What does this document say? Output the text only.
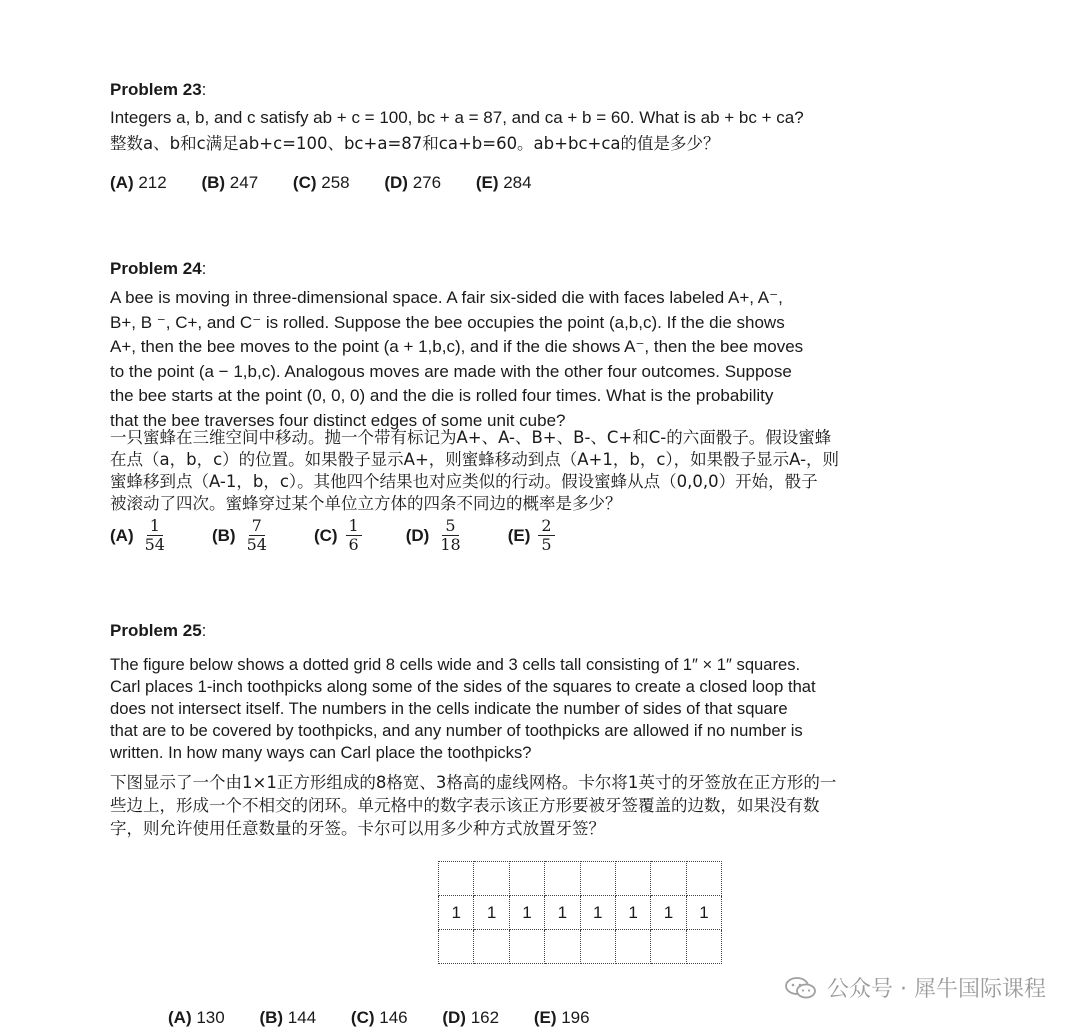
Problem 23:
Integers a, b, and c satisfy ab + c = 100, bc + a = 87, and ca + b = 60. What is ab + bc + ca?
整数a、b和c满足ab+c=100、bc+a=87和ca+b=60。ab+bc+ca的值是多少？
(A) 212 (B) 247 (C) 258 (D) 276 (E) 284
Problem 24:
A bee is moving in three-dimensional space. A fair six-sided die with faces labeled A+, A⁻,
B+, B ⁻, C+, and C⁻ is rolled. Suppose the bee occupies the point (a,b,c). If the die shows
A+, then the bee moves to the point (a + 1,b,c), and if the die shows A⁻, then the bee moves
to the point (a − 1,b,c). Analogous moves are made with the other four outcomes. Suppose
the bee starts at the point (0, 0, 0) and the die is rolled four times. What is the probability
that the bee traverses four distinct edges of some unit cube?
一只蜜蜂在三维空间中移动。抛一个带有标记为A+、A-、B+、B-、C+和C-的六面骰子。假设蜜蜂
在点（a，b，c）的位置。如果骰子显示A+，则蜜蜂移动到点（A+1，b，c），如果骰子显示A-，则
蜜蜂移到点（A-1，b，c）。其他四个结果也对应类似的行动。假设蜜蜂从点（0,0,0）开始，骰子
被滚动了四次。蜜蜂穿过某个单位立方体的四条不同边的概率是多少？
$(A) \frac{1}{54}$	$(B) \frac{7}{54}$	$(C) \frac{1}{6}$	$(D) \frac{5}{18}$	$(E) \frac{2}{5}$
Problem 25:
The figure below shows a dotted grid 8 cells wide and 3 cells tall consisting of 1″ × 1″ squares.
Carl places 1-inch toothpicks along some of the sides of the squares to create a closed loop that
does not intersect itself. The numbers in the cells indicate the number of sides of that square
that are to be covered by toothpicks, and any number of toothpicks are allowed if no number is
written. In how many ways can Carl place the toothpicks?
下图显示了一个由1×1正方形组成的8格宽、3格高的虚线网格。卡尔将1英寸的牙签放在正方形的一
些边上，形成一个不相交的闭环。单元格中的数字表示该正方形要被牙签覆盖的边数，如果没有数
字，则允许使用任意数量的牙签。卡尔可以用多少种方式放置牙签？

1	1	1	1	1	1	1	1

(A) 130 (B) 144 (C) 146 (D) 162 (E) 196
公众号 · 犀牛国际课程
